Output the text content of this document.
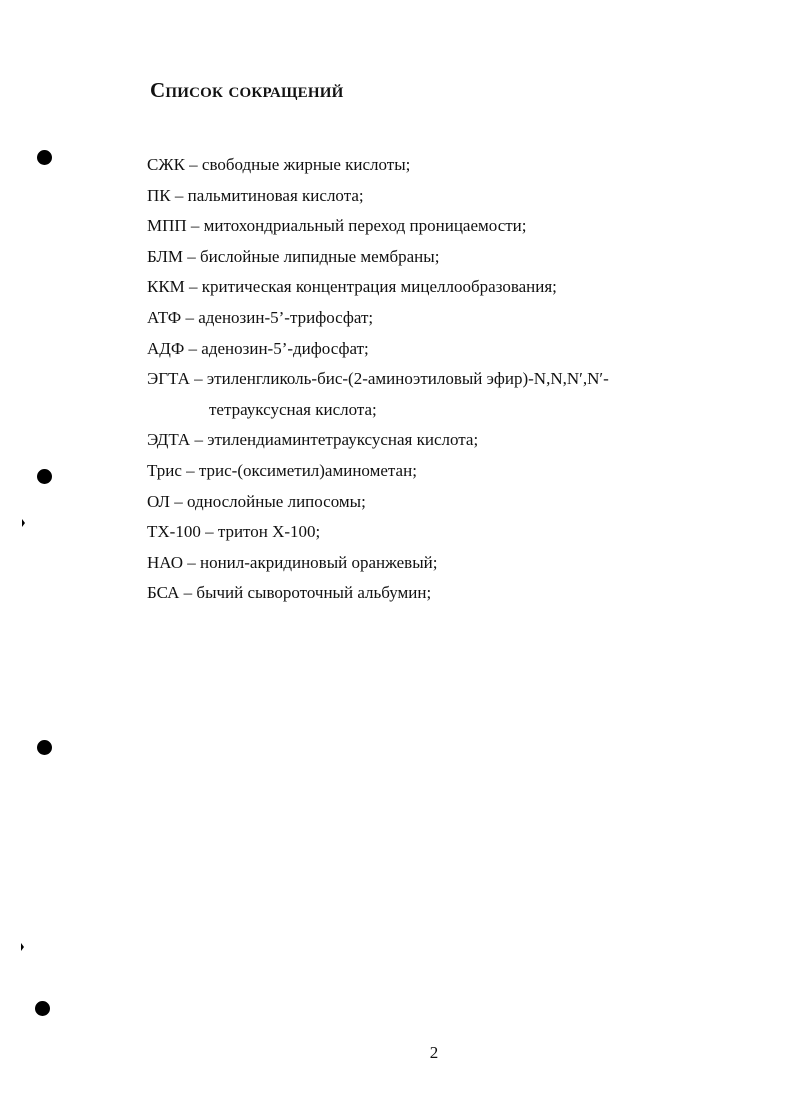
Список сокращений
СЖК – свободные жирные кислоты;
ПК – пальмитиновая кислота;
МПП – митохондриальный переход проницаемости;
БЛМ – бислойные липидные мембраны;
ККМ – критическая концентрация мицеллообразования;
АТФ – аденозин-5’-трифосфат;
АДФ – аденозин-5’-дифосфат;
ЭГТА – этиленгликоль-бис-(2-аминоэтиловый эфир)-N,N,N′,N′-
тетрауксусная кислота;
ЭДТА – этилендиаминтетрауксусная кислота;
Трис – трис-(оксиметил)аминометан;
ОЛ – однослойные липосомы;
ТХ-100 – тритон Х-100;
НАО – нонил-акридиновый оранжевый;
БСА – бычий сывороточный альбумин;
2
